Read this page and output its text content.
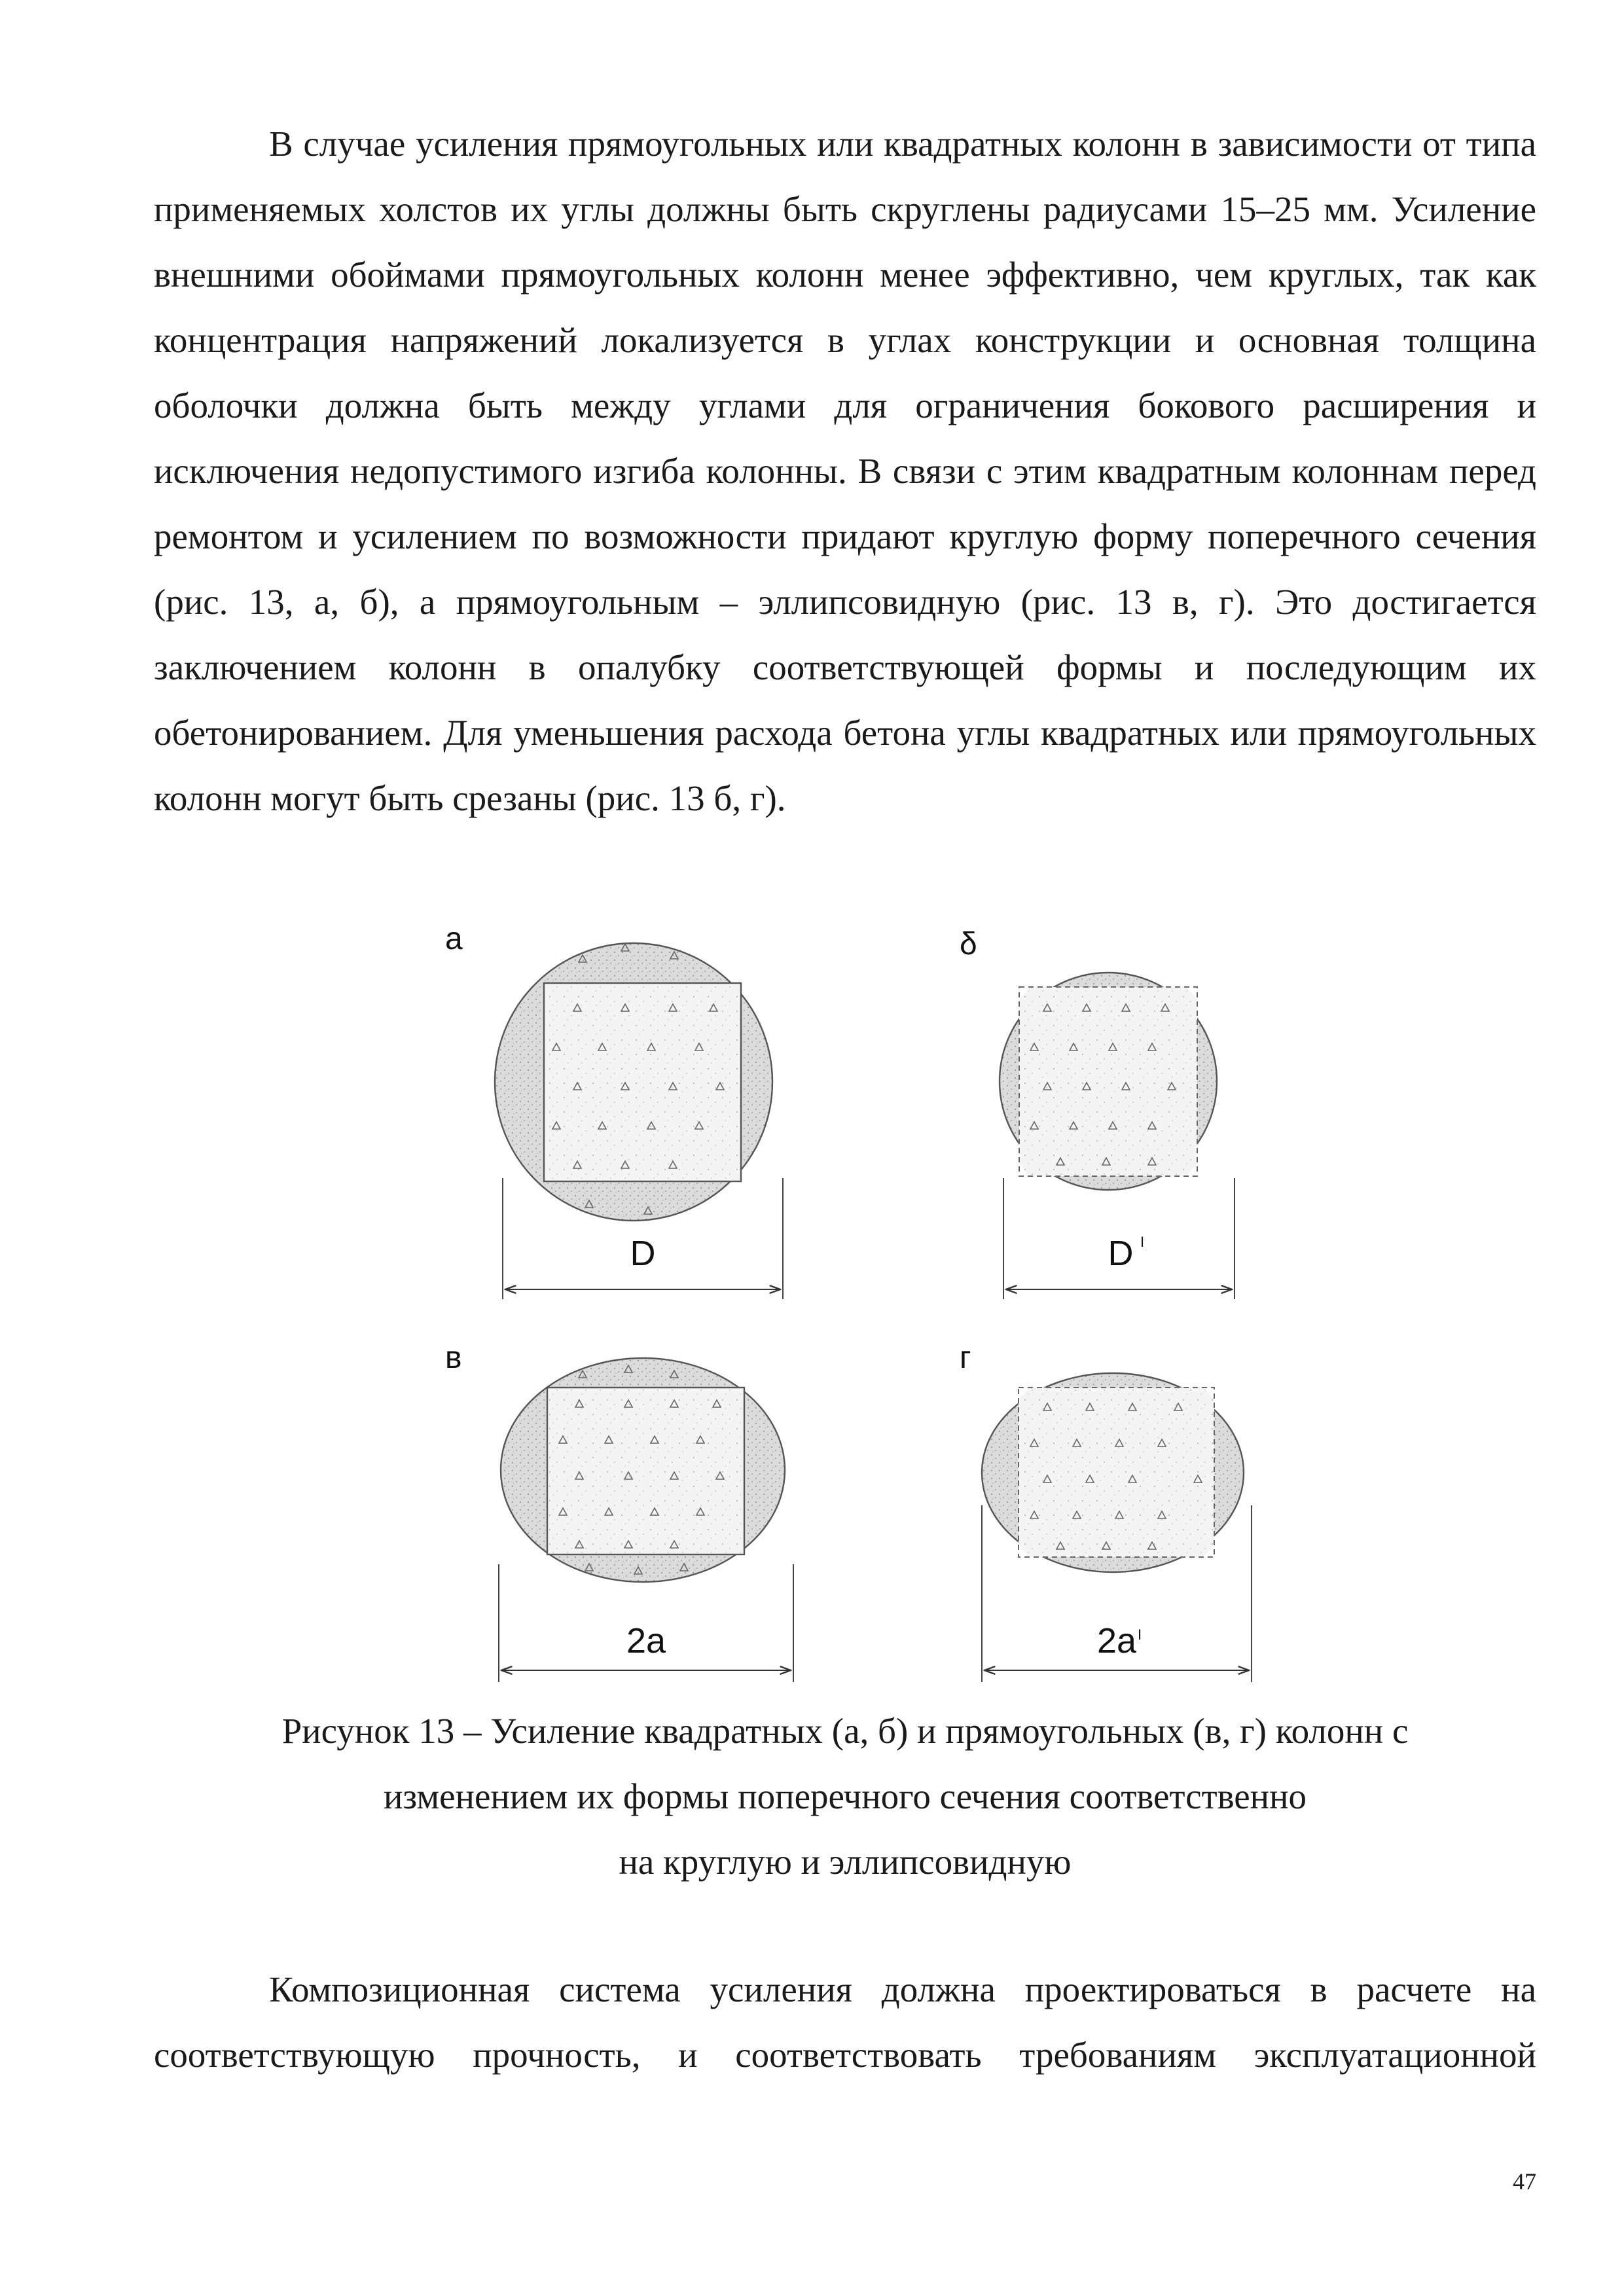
В случае усиления прямоугольных или квадратных колонн в зависимости от типа применяемых холстов их углы должны быть скруглены радиусами 15–25 мм. Усиление внешними обоймами прямоугольных колонн менее эффективно, чем круглых, так как концентрация напряжений локализуется в углах конструкции и основная толщина оболочки должна быть между углами для ограничения бокового расширения и исключения недопустимого изгиба колонны. В связи с этим квадратным колоннам перед ремонтом и усилением по возможности придают круглую форму поперечного сечения (рис. 13, а, б), а прямоугольным – эллипсовидную (рис. 13 в, г). Это достигается заключением колонн в опалубку соответствующей формы и последующим их обетонированием. Для уменьшения расхода бетона углы квадратных или прямоугольных колонн могут быть срезаны (рис. 13 б, г).

а
D
δ
D I
в
2a
г
2a I

Рисунок 13 – Усиление квадратных (а, б) и прямоугольных (в, г) колонн с

изменением их формы поперечного сечения соответственно

на круглую и эллипсовидную

Композиционная система усиления должна проектироваться в расчете на соответствующую прочность, и соответствовать требованиям эксплуатационной

47
